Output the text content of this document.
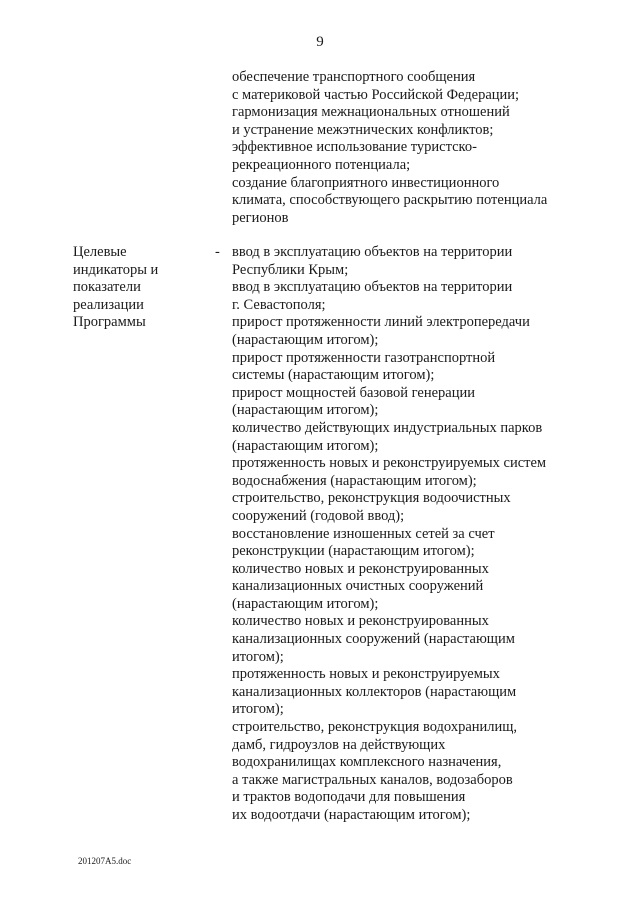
9
обеспечение транспортного сообщения
с материковой частью Российской Федерации;
гармонизация межнациональных отношений
и устранение межэтнических конфликтов;
эффективное использование туристско-
рекреационного потенциала;
создание благоприятного инвестиционного
климата, способствующего раскрытию потенциала
регионов
Целевые
индикаторы и
показатели
реализации
Программы
- ввод в эксплуатацию объектов на территории
Республики Крым;
ввод в эксплуатацию объектов на территории
г. Севастополя;
прирост протяженности линий электропередачи
(нарастающим итогом);
прирост протяженности газотранспортной
системы (нарастающим итогом);
прирост мощностей базовой генерации
(нарастающим итогом);
количество действующих индустриальных парков
(нарастающим итогом);
протяженность новых и реконструируемых систем
водоснабжения (нарастающим итогом);
строительство, реконструкция водоочистных
сооружений (годовой ввод);
восстановление изношенных сетей за счет
реконструкции (нарастающим итогом);
количество новых и реконструированных
канализационных очистных сооружений
(нарастающим итогом);
количество новых и реконструированных
канализационных сооружений (нарастающим
итогом);
протяженность новых и реконструируемых
канализационных коллекторов (нарастающим
итогом);
строительство, реконструкция водохранилищ,
дамб, гидроузлов на действующих
водохранилищах комплексного назначения,
а также магистральных каналов, водозаборов
и трактов водоподачи для повышения
их водоотдачи (нарастающим итогом);
201207A5.doc
